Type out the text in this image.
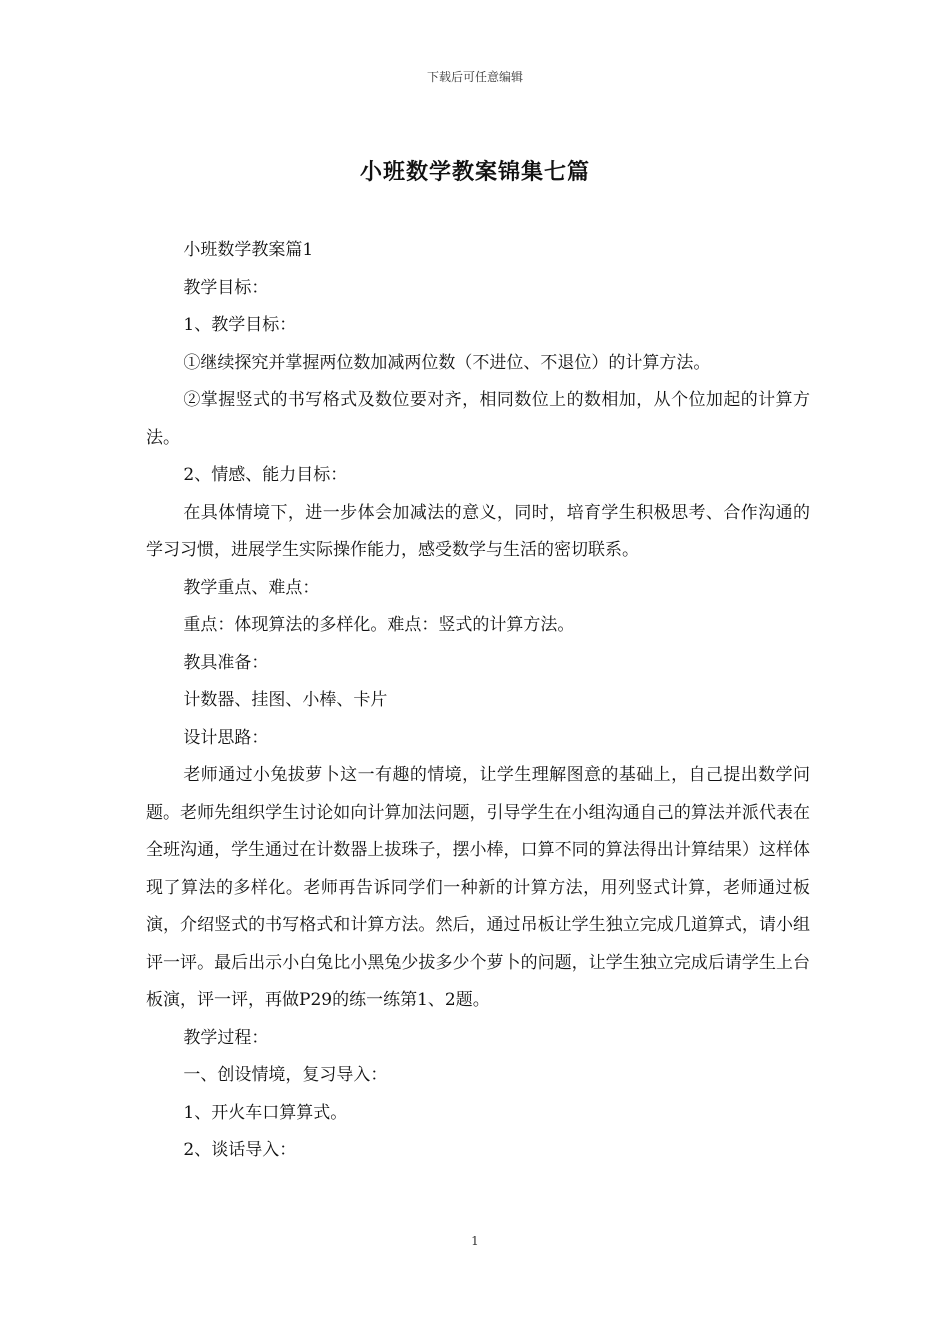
下载后可任意编辑
小班数学教案锦集七篇

小班数学教案篇1

教学目标：

1、教学目标：

①继续探究并掌握两位数加减两位数（不进位、不退位）的计算方法。

②掌握竖式的书写格式及数位要对齐，相同数位上的数相加，从个位加起的计算方法。

2、情感、能力目标：

在具体情境下，进一步体会加减法的意义，同时，培育学生积极思考、合作沟通的学习习惯，进展学生实际操作能力，感受数学与生活的密切联系。

教学重点、难点：

重点：体现算法的多样化。难点：竖式的计算方法。

教具准备：

计数器、挂图、小棒、卡片

设计思路：

老师通过小兔拔萝卜这一有趣的情境，让学生理解图意的基础上，自己提出数学问题。老师先组织学生讨论如向计算加法问题，引导学生在小组沟通自己的算法并派代表在全班沟通，学生通过在计数器上拔珠子，摆小棒，口算不同的算法得出计算结果）这样体现了算法的多样化。老师再告诉同学们一种新的计算方法，用列竖式计算，老师通过板演，介绍竖式的书写格式和计算方法。然后，通过吊板让学生独立完成几道算式，请小组评一评。最后出示小白兔比小黑兔少拔多少个萝卜的问题，让学生独立完成后请学生上台板演，评一评，再做P29的练一练第1、2题。

教学过程：

一、创设情境，复习导入：

1、开火车口算算式。

2、谈话导入：

1
